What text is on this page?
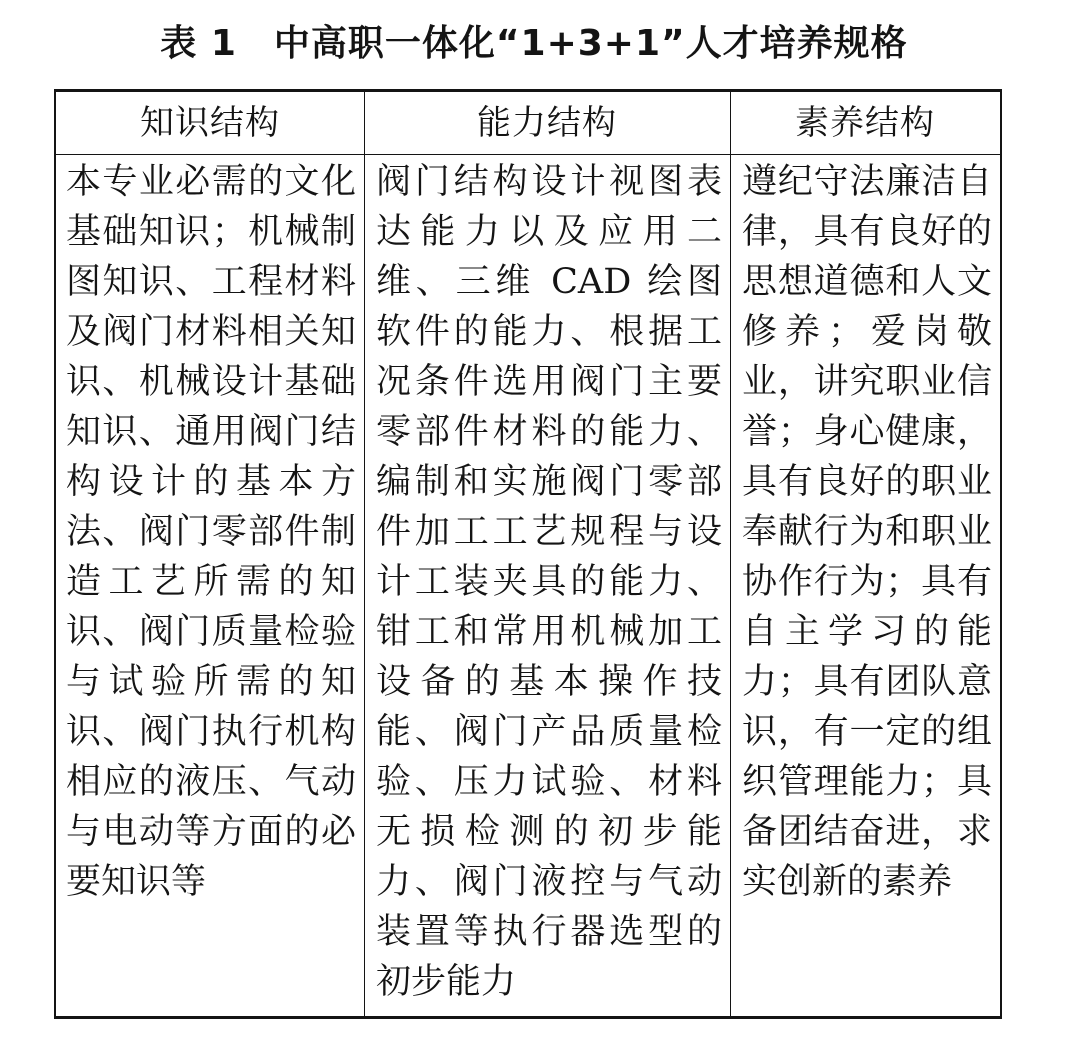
表 1　中高职一体化“1+3+1”人才培养规格
知识结构	能力结构	素养结构
本专业必需的文化基础知识；机械制图知识、工程材料及阀门材料相关知识、机械设计基础知识、通用阀门结构设计的基本方法、阀门零部件制造工艺所需的知识、阀门质量检验与试验所需的知识、阀门执行机构相应的液压、气动与电动等方面的必要知识等
阀门结构设计视图表达能力以及应用二维、三维 CAD 绘图软件的能力、根据工况条件选用阀门主要零部件材料的能力、编制和实施阀门零部件加工工艺规程与设计工装夹具的能力、钳工和常用机械加工设备的基本操作技能、阀门产品质量检验、压力试验、材料无损检测的初步能力、阀门液控与气动装置等执行器选型的初步能力
遵纪守法廉洁自律，具有良好的思想道德和人文修养；爱岗敬业，讲究职业信誉；身心健康，具有良好的职业奉献行为和职业协作行为；具有自主学习的能力；具有团队意识，有一定的组织管理能力；具备团结奋进，求实创新的素养
